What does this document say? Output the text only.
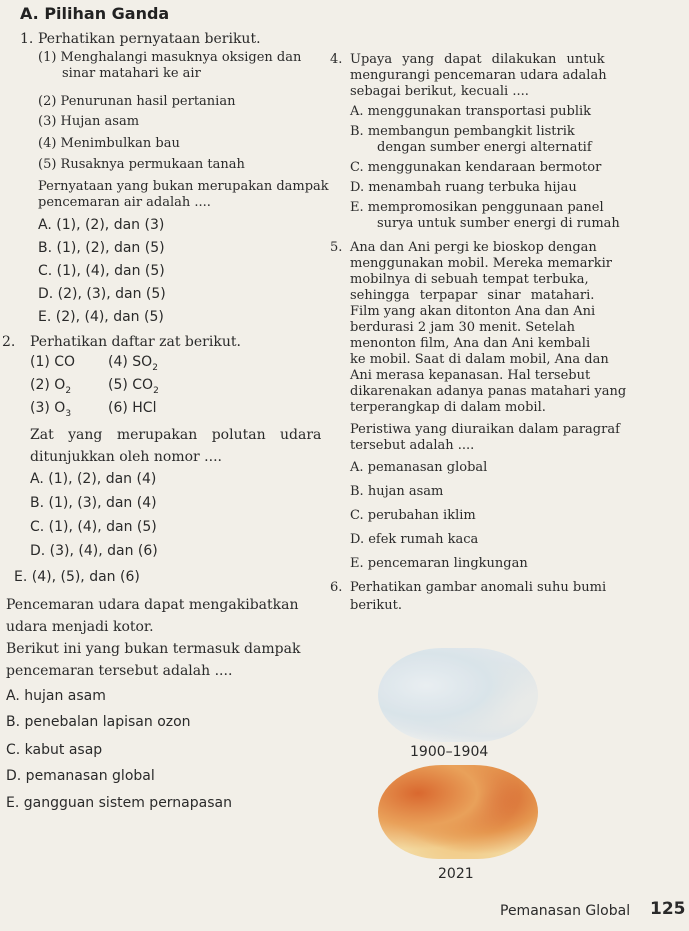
A. Pilihan Ganda
1. Perhatikan pernyataan berikut.
(1) Menghalangi masuknya oksigen dan
sinar matahari ke air
(2) Penurunan hasil pertanian
(3) Hujan asam
(4) Menimbulkan bau
(5) Rusaknya permukaan tanah
Pernyataan yang bukan merupakan dampak
pencemaran air adalah ....
A. (1), (2), dan (3)
B. (1), (2), dan (5)
C. (1), (4), dan (5)
D. (2), (3), dan (5)
E. (2), (4), dan (5)
2. Perhatikan daftar zat berikut.
(1) CO
(2) $O_2$
(3) $O_3$
(4) $SO_2$
(5) $CO_2$
(6) HCl
Zat yang merupakan polutan udara
ditunjukkan oleh nomor ....
A. (1), (2), dan (4)
B. (1), (3), dan (4)
C. (1), (4), dan (5)
D. (3), (4), dan (6)
E. (4), (5), dan (6)
Pencemaran udara dapat mengakibatkan
udara menjadi kotor.
Berikut ini yang bukan termasuk dampak
pencemaran tersebut adalah ....
A. hujan asam
B. penebalan lapisan ozon
C. kabut asap
D. pemanasan global
E. gangguan sistem pernapasan
4. Upaya yang dapat dilakukan untuk
mengurangi pencemaran udara adalah
sebagai berikut, kecuali ....
A. menggunakan transportasi publik
B. membangun pembangkit listrik
dengan sumber energi alternatif
C. menggunakan kendaraan bermotor
D. menambah ruang terbuka hijau
E. mempromosikan penggunaan panel
surya untuk sumber energi di rumah
5. Ana dan Ani pergi ke bioskop dengan
menggunakan mobil. Mereka memarkir
mobilnya di sebuah tempat terbuka,
sehingga terpapar sinar matahari.
Film yang akan ditonton Ana dan Ani
berdurasi 2 jam 30 menit. Setelah
menonton film, Ana dan Ani kembali
ke mobil. Saat di dalam mobil, Ana dan
Ani merasa kepanasan. Hal tersebut
dikarenakan adanya panas matahari yang
terperangkap di dalam mobil.
Peristiwa yang diuraikan dalam paragraf
tersebut adalah ....
A. pemanasan global
B. hujan asam
C. perubahan iklim
D. efek rumah kaca
E. pencemaran lingkungan
6. Perhatikan gambar anomali suhu bumi
berikut.
1900–1904
2021
Pemanasan Global 125
